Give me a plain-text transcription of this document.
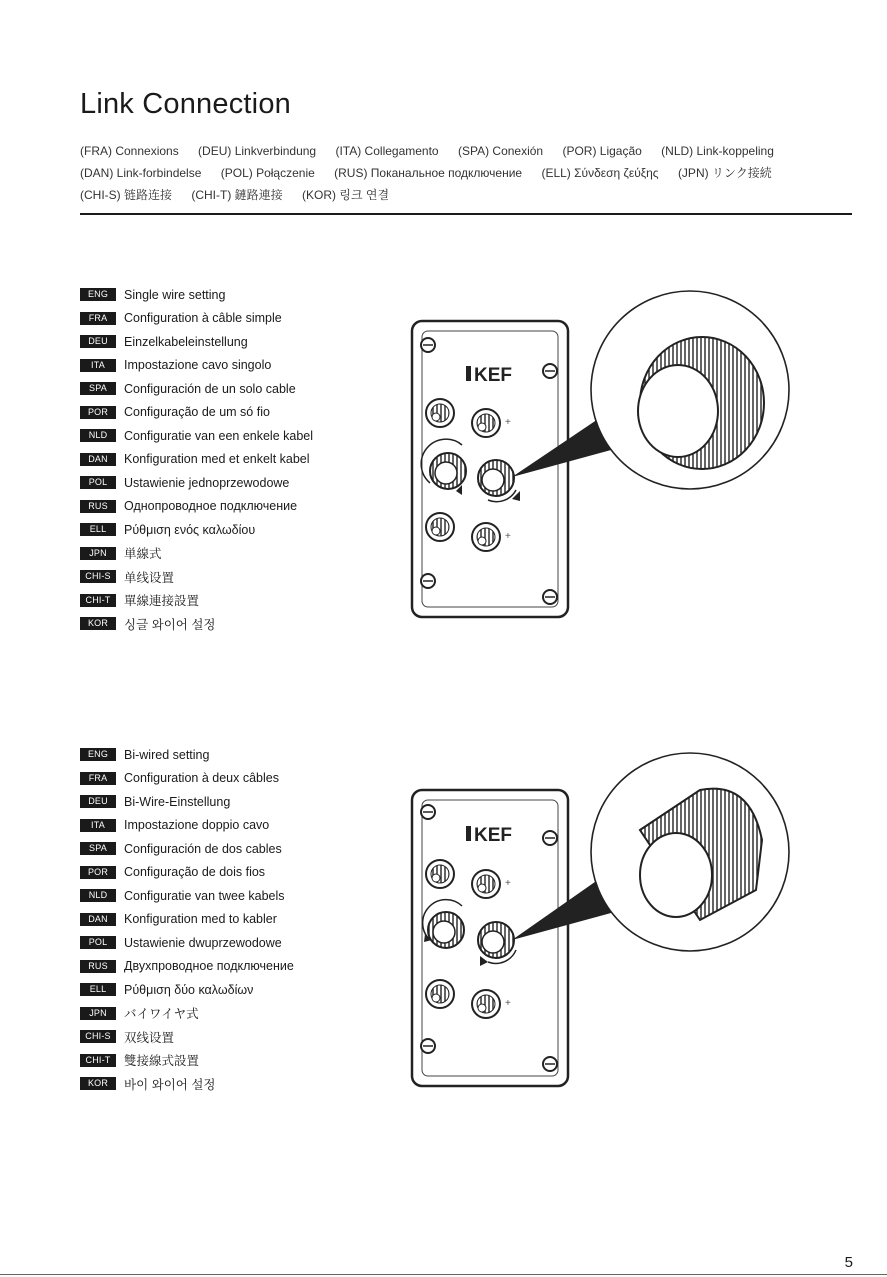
Link Connection
(FRA) Connexions (DEU) Linkverbindung (ITA) Collegamento (SPA) Conexión (POR) Ligação (NLD) Link-koppeling
(DAN) Link-forbindelse (POL) Połączenie (RUS) Поканальное подключение (ELL) Σύνδεση ζεύξης (JPN) リンク接続
(CHI-S) 链路连接 (CHI-T) 鏈路連接 (KOR) 링크 연결
ENG	Single wire setting
FRA	Configuration à câble simple
DEU	Einzelkabeleinstellung
ITA	Impostazione cavo singolo
SPA	Configuración de un solo cable
POR	Configuração de um só fio
NLD	Configuratie van een enkele kabel
DAN	Konfiguration med et enkelt kabel
POL	Ustawienie jednoprzewodowe
RUS	Однопроводное подключение
ELL	Ρύθμιση ενός καλωδίου
JPN	単線式
CHI-S	单线设置
CHI-T	單線連接設置
KOR	싱글 와이어 설정
KEF
+
+
ENG	Bi-wired setting
FRA	Configuration à deux câbles
DEU	Bi-Wire-Einstellung
ITA	Impostazione doppio cavo
SPA	Configuración de dos cables
POR	Configuração de dois fios
NLD	Configuratie van twee kabels
DAN	Konfiguration med to kabler
POL	Ustawienie dwuprzewodowe
RUS	Двухпроводное подключение
ELL	Ρύθμιση δύο καλωδίων
JPN	バイワイヤ式
CHI-S	双线设置
CHI-T	雙接線式設置
KOR	바이 와이어 설정
KEF
+
+
5
